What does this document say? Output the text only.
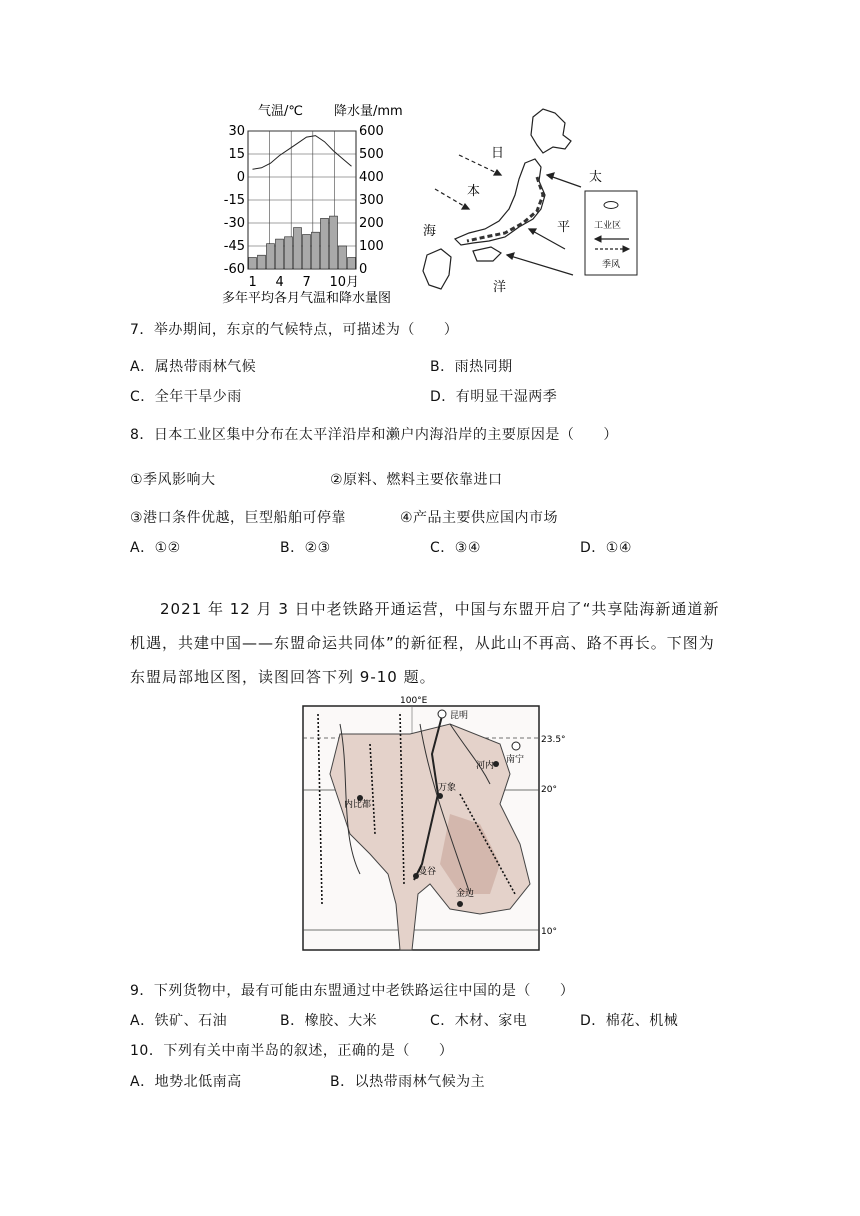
气温/℃ 降水量/mm
30
15
0
-15
-30
-45
-60
600
500
400
300
200
100
0
1 4 7 10月
多年平均各月气温和降水量图
日
本
海
太
平
洋
工业区
季风
7．举办期间，东京的气候特点，可描述为（　　）
A．属热带雨林气候	B．雨热同期
C．全年干旱少雨	D．有明显干湿两季
8．日本工业区集中分布在太平洋沿岸和濑户内海沿岸的主要原因是（　　）
①季风影响大	②原料、燃料主要依靠进口
③港口条件优越，巨型船舶可停靠	④产品主要供应国内市场
A．①②	B．②③	C．③④	D．①④
2021 年 12 月 3 日中老铁路开通运营，中国与东盟开启了“共享陆海新通道新机遇，共建中国——东盟命运共同体”的新征程，从此山不再高、路不再长。下图为东盟局部地区图，读图回答下列 9-10 题。
100°E
23.5°
20°
10°
昆明
南宁
河内
内比都
万象
曼谷
金边
9．下列货物中，最有可能由东盟通过中老铁路运往中国的是（　　）
A．铁矿、石油	B．橡胶、大米	C．木材、家电	D．棉花、机械
10．下列有关中南半岛的叙述，正确的是（　　）
A．地势北低南高	B．以热带雨林气候为主
